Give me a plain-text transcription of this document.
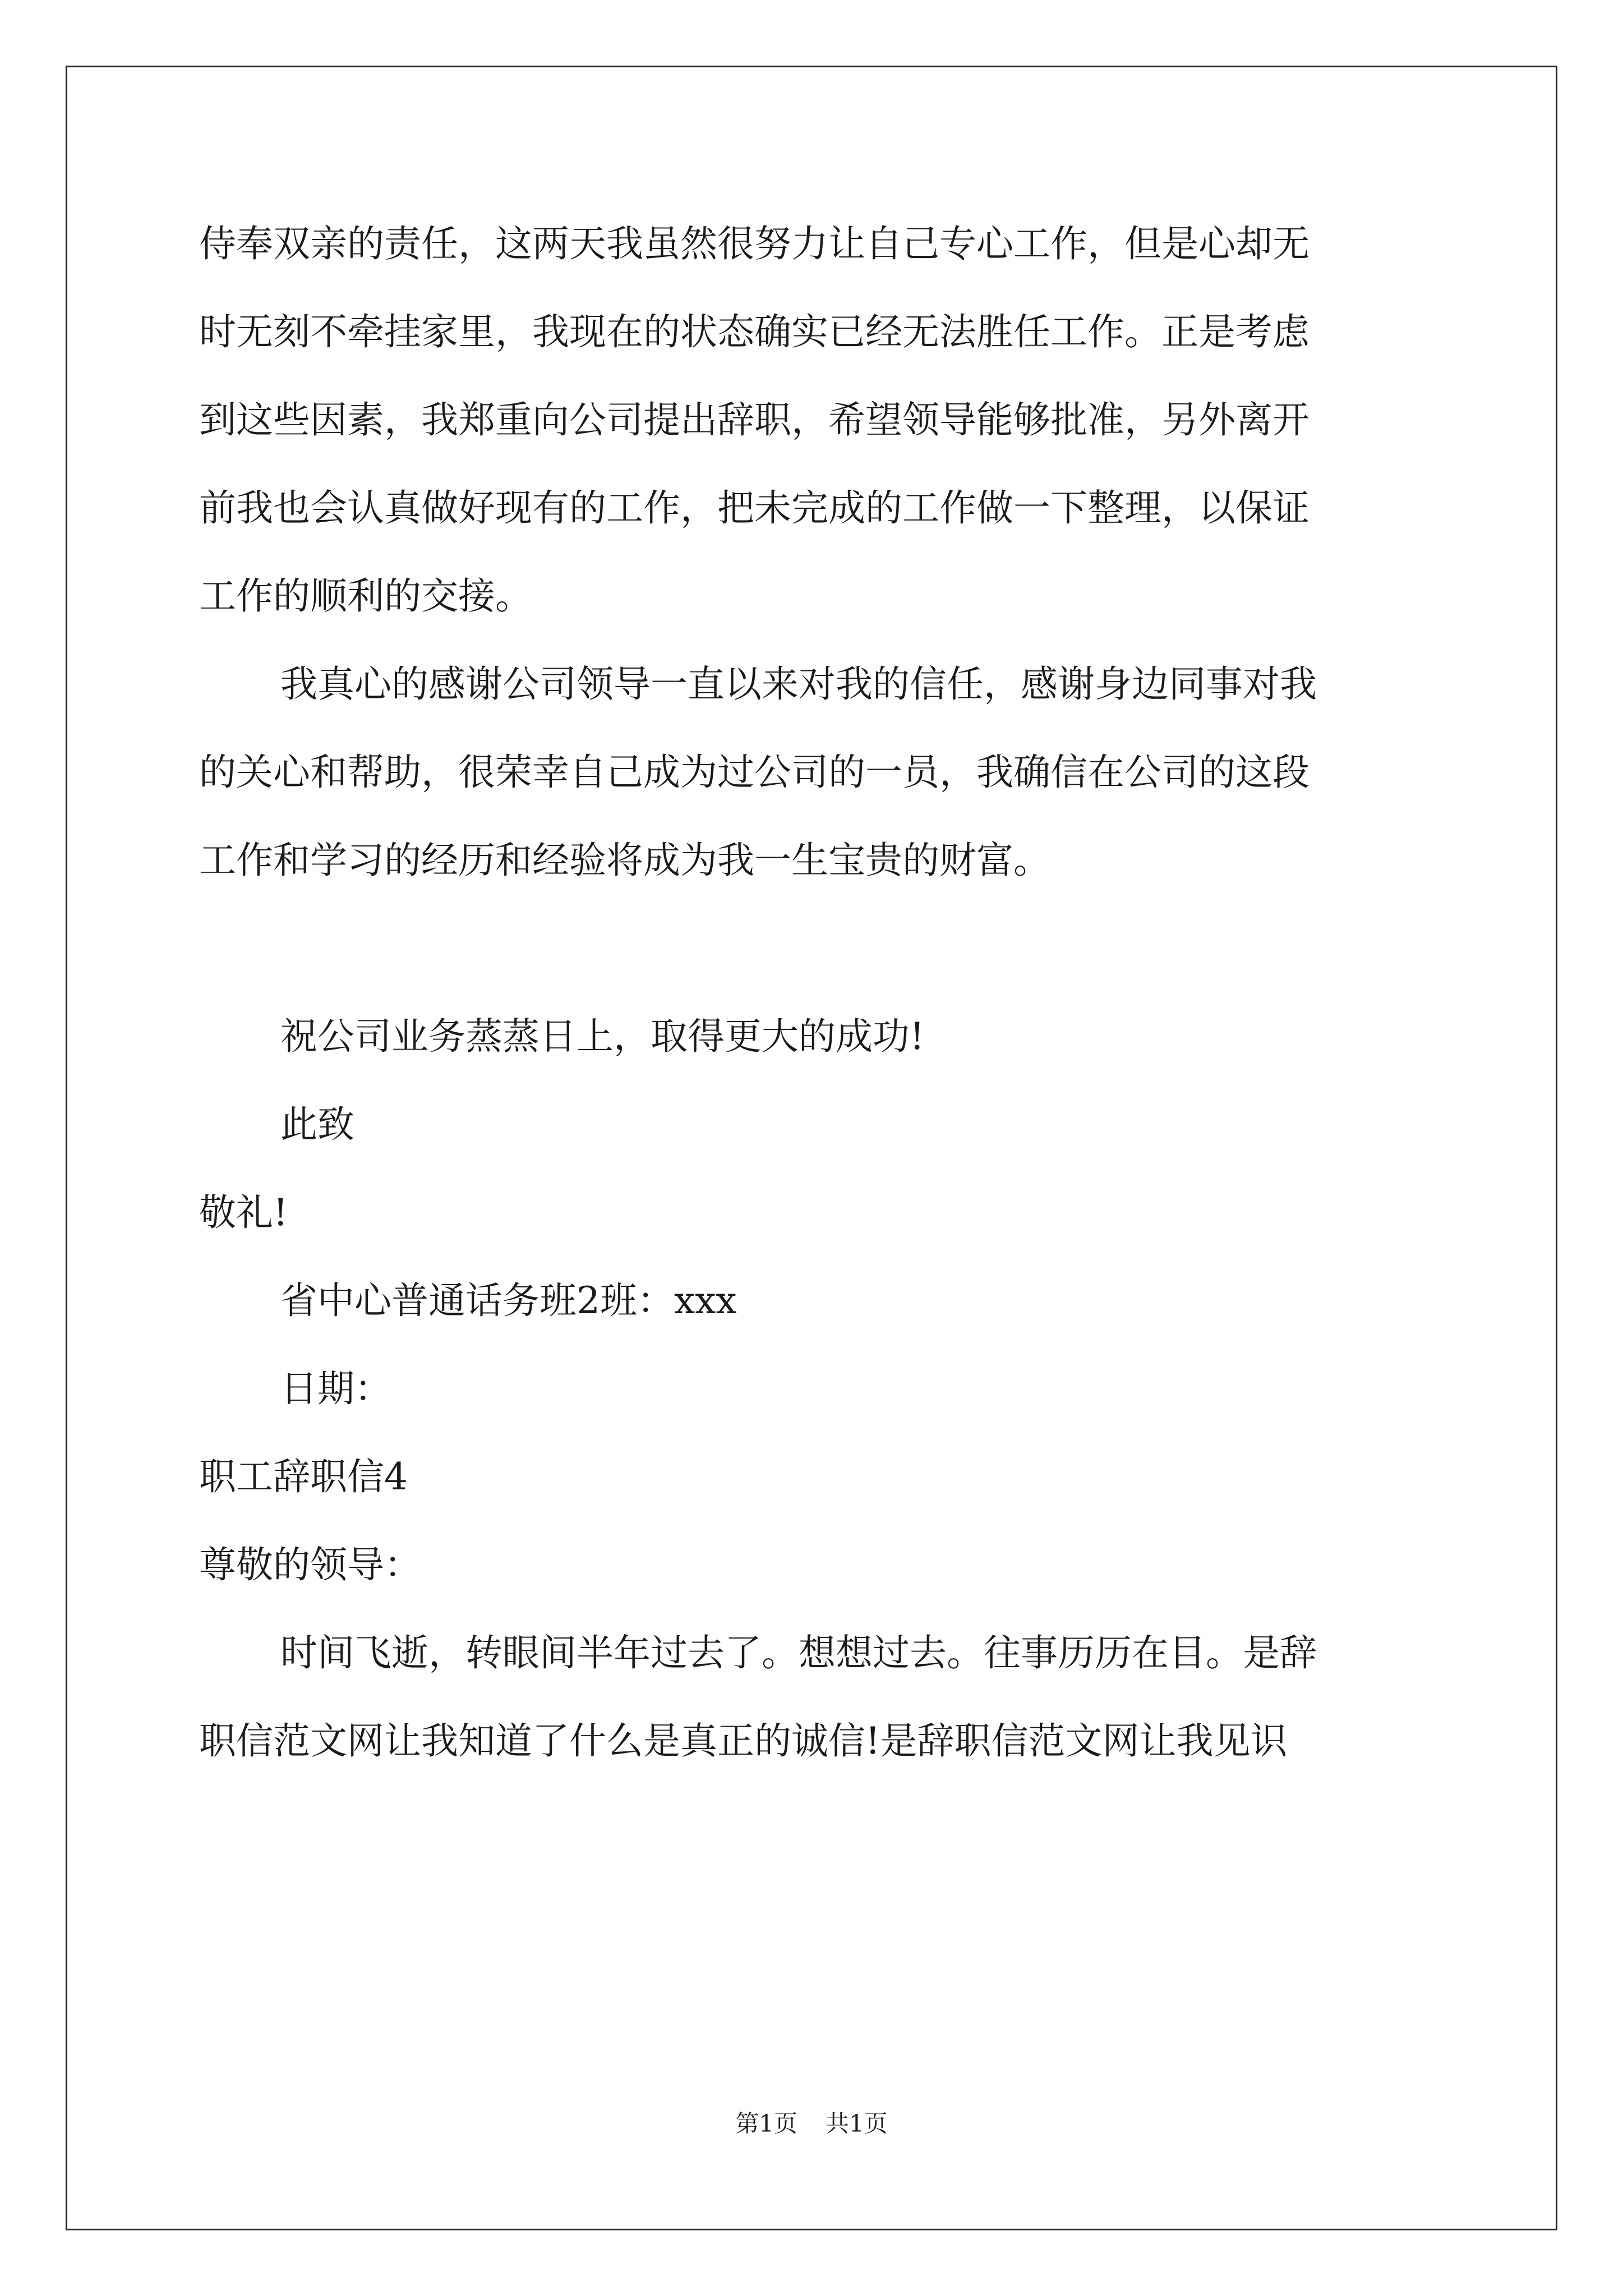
侍奉双亲的责任，这两天我虽然很努力让自己专心工作，但是心却无
时无刻不牵挂家里，我现在的状态确实已经无法胜任工作。正是考虑
到这些因素，我郑重向公司提出辞职，希望领导能够批准，另外离开
前我也会认真做好现有的工作，把未完成的工作做一下整理，以保证
工作的顺利的交接。
我真心的感谢公司领导一直以来对我的信任，感谢身边同事对我
的关心和帮助，很荣幸自己成为过公司的一员，我确信在公司的这段
工作和学习的经历和经验将成为我一生宝贵的财富。
祝公司业务蒸蒸日上，取得更大的成功!
此致
敬礼!
省中心普通话务班2班：xxx
日期：
职工辞职信4
尊敬的领导：
时间飞逝，转眼间半年过去了。想想过去。往事历历在目。是辞
职信范文网让我知道了什么是真正的诚信!是辞职信范文网让我见识
第1页 共1页
